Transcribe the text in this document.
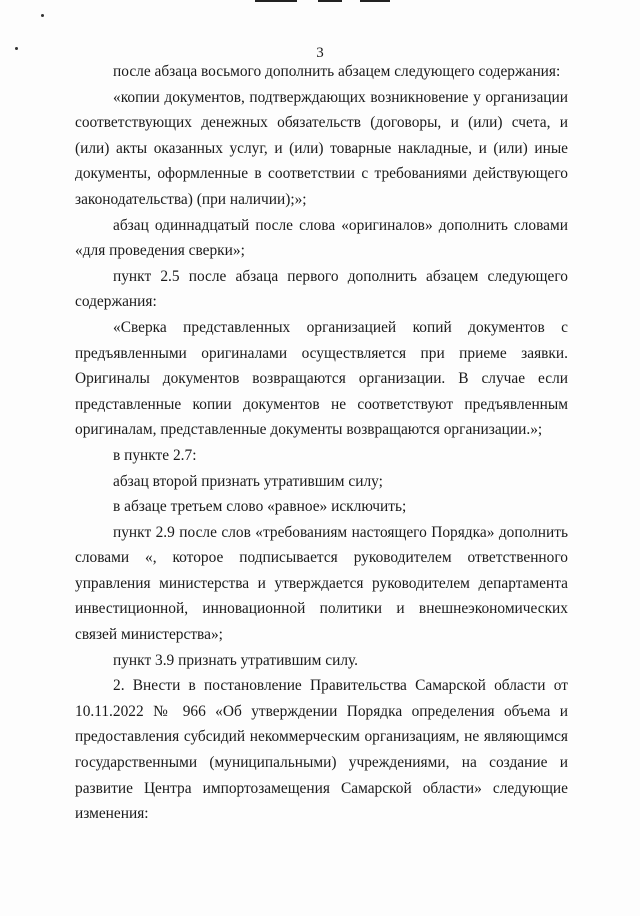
3

после абзаца восьмого дополнить абзацем следующего содержания:

«копии документов, подтверждающих возникновение у организации соответствующих денежных обязательств (договоры, и (или) счета, и (или) акты оказанных услуг, и (или) товарные накладные, и (или) иные документы, оформленные в соответствии с требованиями действующего законодательства) (при наличии);»;

абзац одиннадцатый после слова «оригиналов» дополнить словами «для проведения сверки»;

пункт 2.5 после абзаца первого дополнить абзацем следующего содержания:

«Сверка представленных организацией копий документов с предъявленными оригиналами осуществляется при приеме заявки. Оригиналы документов возвращаются организации. В случае если представленные копии документов не соответствуют предъявленным оригиналам, представленные документы возвращаются организации.»;

в пункте 2.7:

абзац второй признать утратившим силу;

в абзаце третьем слово «равное» исключить;

пункт 2.9 после слов «требованиям настоящего Порядка» дополнить словами «, которое подписывается руководителем ответственного управления министерства и утверждается руководителем департамента инвестиционной, инновационной политики и внешнеэкономических связей министерства»;

пункт 3.9 признать утратившим силу.

2. Внести в постановление Правительства Самарской области от 10.11.2022 № 966 «Об утверждении Порядка определения объема и предоставления субсидий некоммерческим организациям, не являющимся государственными (муниципальными) учреждениями, на создание и развитие Центра импортозамещения Самарской области» следующие изменения:
